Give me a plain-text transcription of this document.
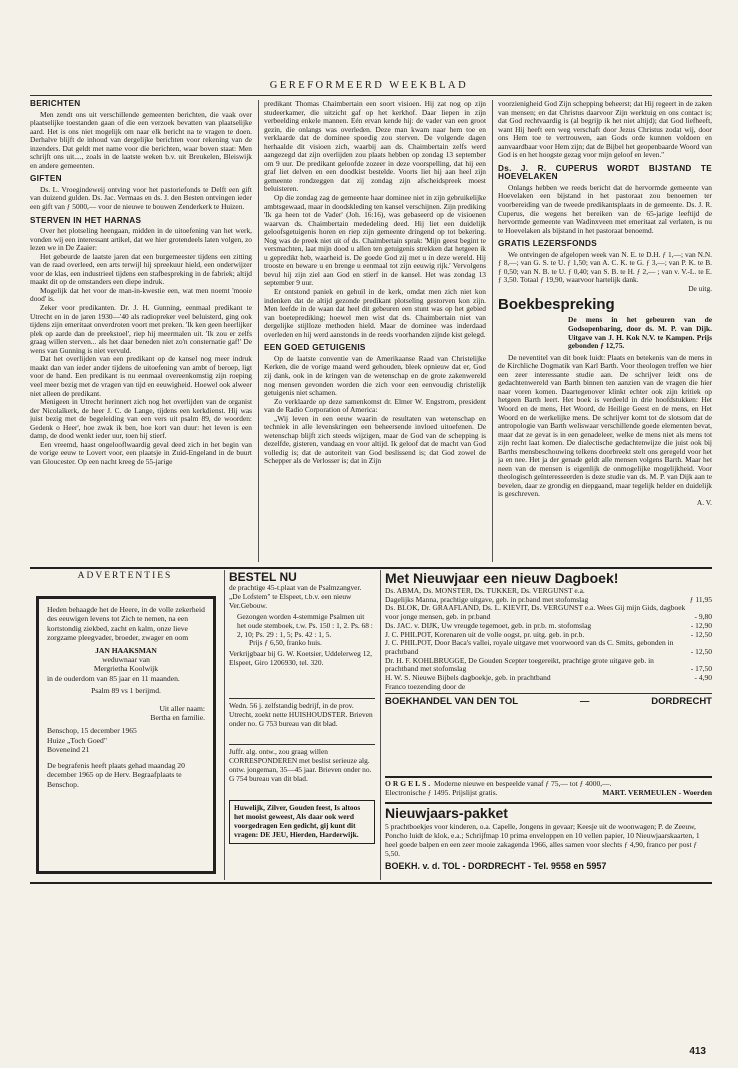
GEREFORMEERD WEEKBLAD
BERICHTEN

Men zendt ons uit verschillende gemeenten berichten, die vaak over plaatselijke toestanden gaan of die een verzoek bevatten van plaatselijke aard. Het is ons niet mogelijk om naar elk bericht na te vragen te doen. Derhalve blijft de inhoud van dergelijke berichten voor rekening van de inzenders. Dat geldt met name voor die berichten, waar boven staat: Men schrijft ons uit...., zoals in de laatste weken b.v. uit Breukelen, Bleiswijk en andere gemeenten.

GIFTEN

Ds. L. Vroegindeweij ontving voor het pastoriefonds te Delft een gift van duizend gulden. Ds. Jac. Vermaas en ds. J. den Besten ontvingen ieder een gift van ƒ 5000,— voor de nieuwe te bouwen Zenderkerk te Huizen.

STERVEN IN HET HARNAS

Over het plotseling heengaan, midden in de uitoefening van het werk, vonden wij een interessant artikel, dat we hier grotendeels laten volgen, zo lezen we in De Zaaier:

Het gebeurde de laatste jaren dat een burgemeester tijdens een zitting van de raad overleed, een arts terwijl hij spreekuur hield, een onderwijzer voor de klas, een industrieel tijdens een stafbespreking in de fabriek; altijd maakt dit op de omstanders een diepe indruk.

Mogelijk dat het voor de man-in-kwestie een, wat men noemt 'mooie dood' is.

Zeker voor predikanten. Dr. J. H. Gunning, eenmaal predikant te Utrecht en in de jaren 1930—'40 als radiopreker veel beluisterd, ging ook tijdens zijn emeritaat onverdroten voort met preken. 'Ik ken geen heerlijker plek op aarde dan de preekstoel', riep hij meermalen uit. 'Ik zou er zelfs graag willen sterven... als het daar beneden niet zo'n consternatie gaf!' De wens van Gunning is niet vervuld.

Dat het overlijden van een predikant op de kansel nog meer indruk maakt dan van ieder ander tijdens de uitoefening van ambt of beroep, ligt voor de hand. Een predikant is nu eenmaal overeenkomstig zijn roeping veel meer bezig met de vragen van tijd en eeuwigheid. Hoewel ook alweer niet alleen de predikant.

Menigeen in Utrecht herinnert zich nog het overlijden van de organist der Nicolaïkerk, de heer J. C. de Lange, tijdens een kerkdienst. Hij was juist bezig met de begeleiding van een vers uit psalm 89, de woorden: Gedenk o Heer', hoe zwak ik ben, hoe kort van duur: het leven is een damp, de dood wenkt ieder uur, toen hij stierf.

Een vreemd, haast ongelooflwaardig geval deed zich in het begin van de vorige eeuw te Lovert voor, een plaatsje in Zuid-Engeland in de buurt van Gloucester. Op een nacht kreeg de 55-jarige

predikant Thomas Chaimbertain een soort visioen. Hij zat nog op zijn studeerkamer, die uitzicht gaf op het kerkhof. Daar liepen in zijn verbeelding enkele mannen. Eén ervan kende hij: de vader van een groot gezin, die onlangs was overleden. Deze man kwam naar hem toe en verklaarde dat de dominee spoedig zou sterven. De volgende dagen herhaalde dit visioen zich, waarbij aan ds. Chaimbertain zelfs werd aangezegd dat zijn overlijden zou plaats hebben op zondag 13 september om 9 uur. De predikant geloofde zozeer in deze voorspelling, dat hij een graf liet delven en een doodkist bestelde. Voorts liet hij aan heel zijn gemeente rondzeggen dat zij zondag zijn afscheidspreek moest beluisteren.

Op die zondag zag de gemeente haar dominee niet in zijn gebruikelijke ambtsgewaad, maar in doodskleding ten kansel verschijnen. Zijn prediking 'Ik ga heen tot de Vader' (Joh. 16:16), was gebaseerd op de visioenen waarvan ds. Chaimbertain mededeling deed. Hij liet een duidelijk geloofsgetuigenis horen en riep zijn gemeente dringend op tot bekering. Nog was de preek niet uit of ds. Chaimbertain sprak: 'Mijn geest begint te versmachten, laat mijn dood u allen ten getuigenis strekken dat hetgeen ik u gepredikt heb, waarheid is. De goede God zij met u in deze wereld. Hij trooste en beware u en brenge u eenmaal tot zijn eeuwig rijk.' Vervolgens bevul hij zijn ziel aan God en stierf in de kansel. Het was zondag 13 september 9 uur.

Er ontstond paniek en gehuil in de kerk, omdat men zich niet kon indenken dat de altijd gezonde predikant plotseling gestorven kon zijn. Men leefde in de waan dat heel dit gebeuren een stunt was op het gebied van boeteprediking; hoewel men wist dat ds. Chaimbertain niet van dergelijke stijlloze methoden hield. Maar de dominee was inderdaad overleden en hij werd aanstonds in de reeds voorhanden zijnde kist gelegd.

EEN GOED GETUIGENIS

Op de laatste conventie van de Amerikaanse Raad van Christelijke Kerken, die de vorige maand werd gehouden, bleek opnieuw dat er, God zij dank, ook in de kringen van de wetenschap en de grote zakenwereld nog mensen gevonden worden die zich voor een eenvoudig christelijk getuigenis niet schamen.

Zo verklaarde op deze samenkomst dr. Elmer W. Engstrom, president van de Radio Corporation of America:

„Wij leven in een eeuw waarin de resultaten van wetenschap en techniek in alle levenskringen een beheersende invloed uitoefenen. De wetenschap blijft zich steeds wijzigen, maar de God van de schepping is dezelfde, gisteren, vandaag en voor altijd. Ik geloof dat de macht van God volledig is; dat de autoriteit van God beslissend is; dat God zowel de Schepper als de Verlosser is; dat in Zijn

voorzienigheid God Zijn schepping beheerst; dat Hij regeert in de zaken van mensen; en dat Christus daarvoor Zijn werktuig en ons contact is; dat God rechtvaardig is (al begrijp ik het niet altijd); dat God liefheeft, want Hij heeft een weg verschaft door Jezus Christus zodat wij, door ons Hem toe te vertrouwen, aan Gods orde kunnen voldoen en aanvaardbaar voor Hem zijn; dat de Bijbel het geopenbaarde Woord van God is en het hoogste gezag voor mijn geloof en leven."

Ds. J. R. CUPERUS WORDT BIJSTAND TE HOEVELAKEN

Onlangs hebben we reeds bericht dat de hervormde gemeente van Hoevelaken een bijstand in het pastoraat zou benoemen ter voorbereiding van de tweede predikantsplaats in de gemeente. Ds. J. R. Cuperus, die wegens het bereiken van de 65-jarige leeftijd de hervormde gemeente van Wadinxveen met emeritaat zal verlaten, is nu te Hoevelaken als bijstand in het pastoraat benoemd.

GRATIS LEZERSFONDS

We ontvingen de afgelopen week van N. E. te D.H. ƒ 1,—; van N.N. ƒ 8,—; van G. S. te U. ƒ 1,50; van A. C. K. te G. ƒ 3,—; van P. K. te B. ƒ 0,50; van N. B. te U. ƒ 0,40; van S. B. te H. ƒ 2,— ; van v. V.-L. te E. ƒ 3,50. Totaal ƒ 19,90, waarvoor hartelijk dank.

De uitg.
Boekbespreking
De mens in het gebeuren van de Godsopenbaring, door ds. M. P. van Dijk. Uitgave van J. H. Kok N.V. te Kampen. Prijs gebonden ƒ 12,75.

De neventitel van dit boek luidt: Plaats en betekenis van de mens in de Kirchliche Dogmatik van Karl Barth. Voor theologen treffen we hier een zeer interessante studie aan. De schrijver leidt ons de gedachtenwereld van Barth binnen ten aanzien van de vragen die hier naar voren komen. Daartegenover klinkt echter ook zijn kritiek op hetgeen Barth leert. Het boek is verdeeld in drie hoofdstukken: Het Woord en de mens, Het Woord, de Heilige Geest en de mens, en Het Woord en de werkelijke mens. De schrijver komt tot de slotsom dat de antropologie van Barth weliswaar verschillende goede elementen bevat, maar dat ze gevat is in een genadeleer, welke de mens niet als mens tot zijn recht laat komen. De dialectische gedachtenwijze die juist ook bij Barths mensbeschouwing telkens doorbreekt stelt ons geregeld voor het ja en nee. Het ja der genade geldt alle mensen volgens Barth. Maar het neen van de mensen is eigenlijk de onmogelijke mogelijkheid. Voor theologisch geïnteresseerden is deze studie van ds. M. P. van Dijk aan te bevelen, daar ze grondig en diepgaand, maar tegelijk helder en duidelijk is geschreven.

A. V.
ADVERTENTIES
Heden behaagde het de Heere, in de volle zekerheid des eeuwigen levens tot Zich te nemen, na een kortstondig ziekbed, zacht en kalm, onze lieve zorgzame pleegvader, broeder, zwager en oom
JAN HAAKSMAN
weduwnaar van
Mergrietha Koolwijk
in de ouderdom van 85 jaar en 11 maanden.
Psalm 89 vs 1 berijmd.
Uit aller naam:
Bertha en familie.
Benschop, 15 december 1965
Huize „Toch Goed"
Boveneind 21
De begrafenis heeft plaats gehad maandag 20 december 1965 op de Herv. Begraafplaats te Benschop.
BESTEL NU
de prachtige 45-t.plaat van de Psalmzangver. „De Lofstem" te Elspeet, t.b.v. een nieuw Ver.Gebouw.
Gezongen worden 4-stemmige Psalmen uit het oude stemboek, t.w. Ps. 150 : 1, 2. Ps. 68 : 2, 10; Ps. 29 : 1, 5; Ps. 42 : 1, 5.
Prijs ƒ 6,50, franko huis.
Verkrijgbaar bij G. W. Koetsier, Uddelerweg 12, Elspeet, Giro 1206930, tel. 320.
Wedn. 56 j. zelfstandig bedrijf, in de prov. Utrecht, zoekt nette HUISHOUDSTER. Brieven onder no. G 753 bureau van dit blad.
Juffr. alg. ontw., zou graag willen CORRESPONDEREN met beslist serieuze alg. ontw. jongeman, 35—45 jaar. Brieven onder no. G 754 bureau van dit blad.
Huwelijk, Zilver, Gouden feest, Is altoos het mooist geweest, Als daar ook werd voorgedragen Een gedicht, gij kunt dit vragen: DE JEU, Hierden, Harderwijk.
Met Nieuwjaar een nieuw Dagboek!
Ds. ABMA, Ds. MONSTER, Ds. TUKKER, Ds. VERGUNST e.a.
Dagelijks Manna, prachtige uitgave, geb. in pr.band met stofomslag	ƒ 11,95
Ds. BLOK, Dr. GRAAFLAND, Ds. L. KIEVIT, Ds. VERGUNST e.a. Wees Gij mijn Gids, dagboek voor jonge mensen, geb. in pr.band	- 9,80
Ds. JAC. v. DIJK, Uw vreugde tegemoet, geb. in pr.b. m. stofomslag	- 12,90
J. C. PHILPOT, Korenaren uit de volle oogst, pr. uitg. geb. in pr.b.	- 12,50
J. C. PHILPOT, Door Baca's vallei, royale uitgave met voorwoord van ds C. Smits, gebonden in prachtband	- 12,50
Dr. H. F. KOHLBRUGGE, De Gouden Scepter toegereikt, prachtige grote uitgave geb. in prachtband met stofomslag	- 17,50
H. W. S. Nieuwe Bijbels dagboekje, geb. in prachtband	- 4,90
Franco toezending door de
BOEKHANDEL VAN DEN TOL	—	DORDRECHT
ORGELS. Moderne nieuwe en bespeelde vanaf ƒ 75,— tot ƒ 4000,—.
Electronische ƒ 1495. Prijslijst gratis.	MART. VERMEULEN - Woerden
Nieuwjaars-pakket
5 prachtboekjes voor kinderen, o.a. Capelle, Jongens in gevaar; Keesje uit de woonwagen; P. de Zeeuw, Poncho luidt de klok, e.a.; Schrijfmap 10 prima enveloppen en 10 vellen papier, 10 Nieuwjaarskaarten, 1 heel goede balpen en een zeer mooie zakagenda 1966, alles samen voor slechts ƒ 4,90, franco per post ƒ 5,50.
BOEKH. v. d. TOL - DORDRECHT - Tel. 9558 en 5957
413
